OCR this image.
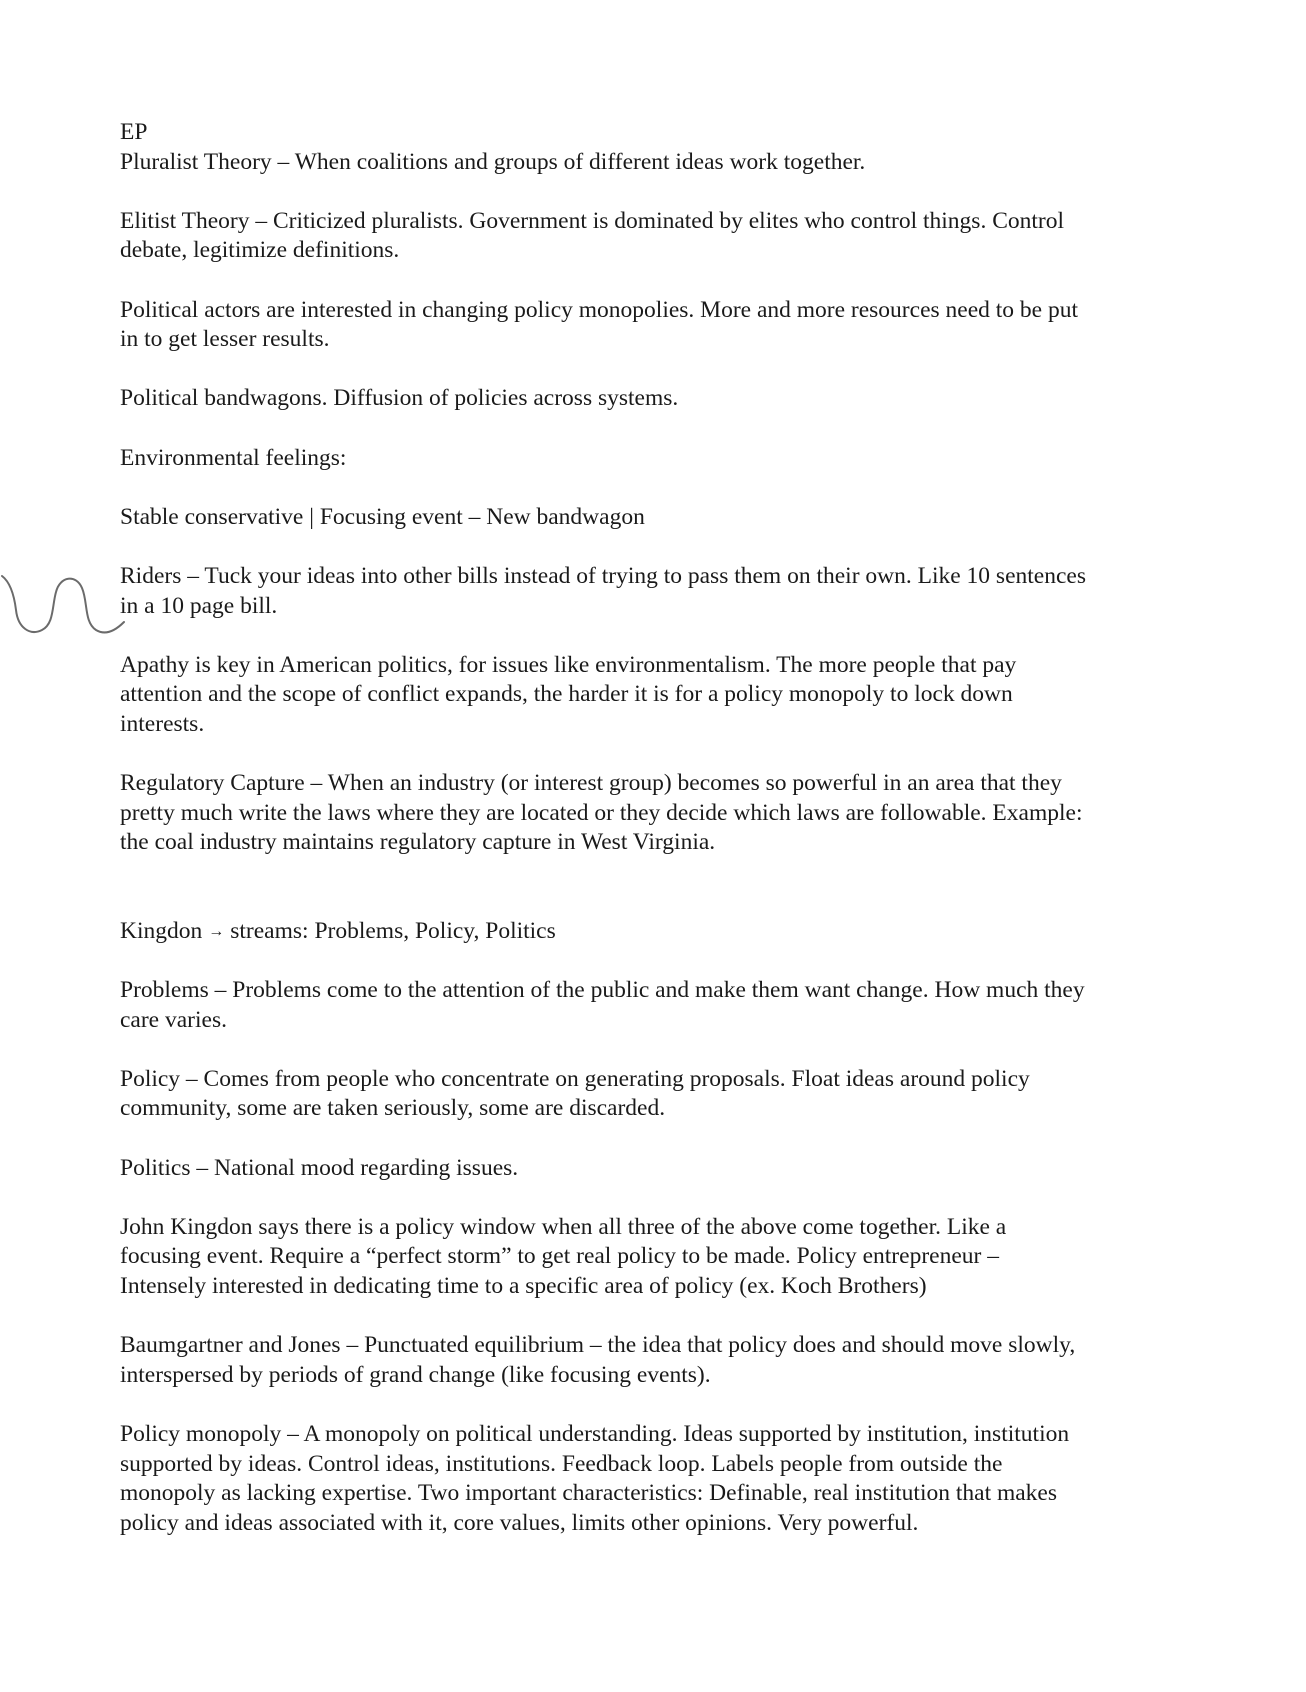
EP

Pluralist Theory – When coalitions and groups of different ideas work together.

Elitist Theory – Criticized pluralists. Government is dominated by elites who control things. Control

debate, legitimize definitions.

Political actors are interested in changing policy monopolies. More and more resources need to be put

in to get lesser results.

Political bandwagons. Diffusion of policies across systems.

Environmental feelings:

Stable conservative | Focusing event – New bandwagon

Riders – Tuck your ideas into other bills instead of trying to pass them on their own. Like 10 sentences

in a 10 page bill.

Apathy is key in American politics, for issues like environmentalism. The more people that pay

attention and the scope of conflict expands, the harder it is for a policy monopoly to lock down

interests.

Regulatory Capture – When an industry (or interest group) becomes so powerful in an area that they

pretty much write the laws where they are located or they decide which laws are followable. Example:

the coal industry maintains regulatory capture in West Virginia.

Kingdon → streams: Problems, Policy, Politics

Problems – Problems come to the attention of the public and make them want change. How much they

care varies.

Policy – Comes from people who concentrate on generating proposals. Float ideas around policy

community, some are taken seriously, some are discarded.

Politics – National mood regarding issues.

John Kingdon says there is a policy window when all three of the above come together. Like a

focusing event. Require a “perfect storm” to get real policy to be made. Policy entrepreneur –

Intensely interested in dedicating time to a specific area of policy (ex. Koch Brothers)

Baumgartner and Jones – Punctuated equilibrium – the idea that policy does and should move slowly,

interspersed by periods of grand change (like focusing events).

Policy monopoly – A monopoly on political understanding. Ideas supported by institution, institution

supported by ideas. Control ideas, institutions. Feedback loop. Labels people from outside the

monopoly as lacking expertise. Two important characteristics: Definable, real institution that makes

policy and ideas associated with it, core values, limits other opinions. Very powerful.
